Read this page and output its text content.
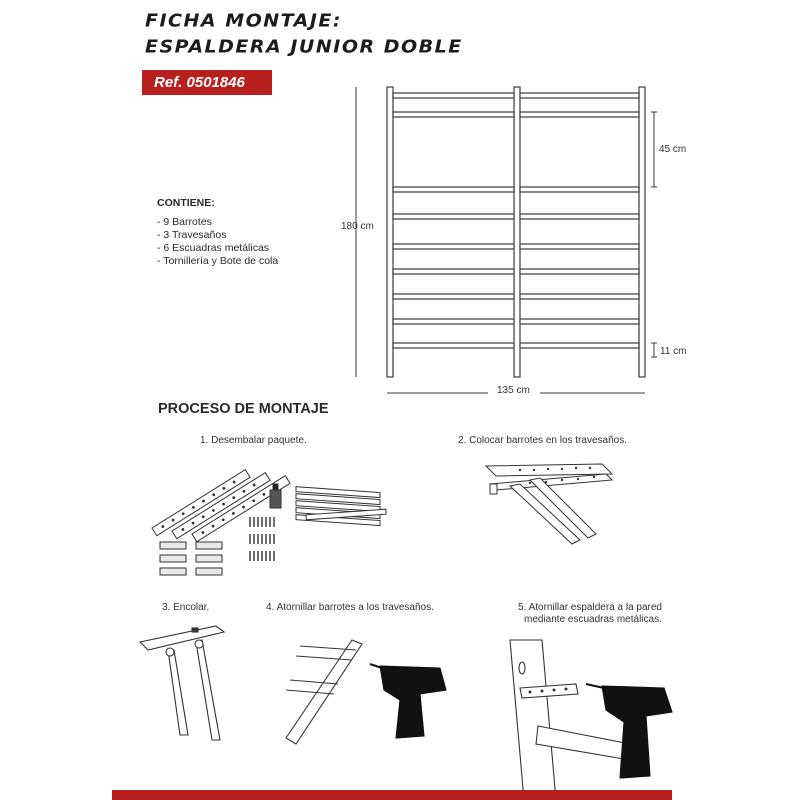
FICHA MONTAJE:
ESPALDERA JUNIOR DOBLE
Ref. 0501846
CONTIENE:
- 9 Barrotes
- 3 Travesaños
- 6 Escuadras metálicas
- Tornillería y Bote de cola
180 cm
135 cm
45 cm
11 cm
PROCESO DE MONTAJE
1. Desembalar paquete.	2. Colocar barrotes en los travesaños.
3. Encolar.	4. Atornillar barrotes a los travesaños.	5. Atornillar espaldera a la pared
mediante escuadras metálicas.
